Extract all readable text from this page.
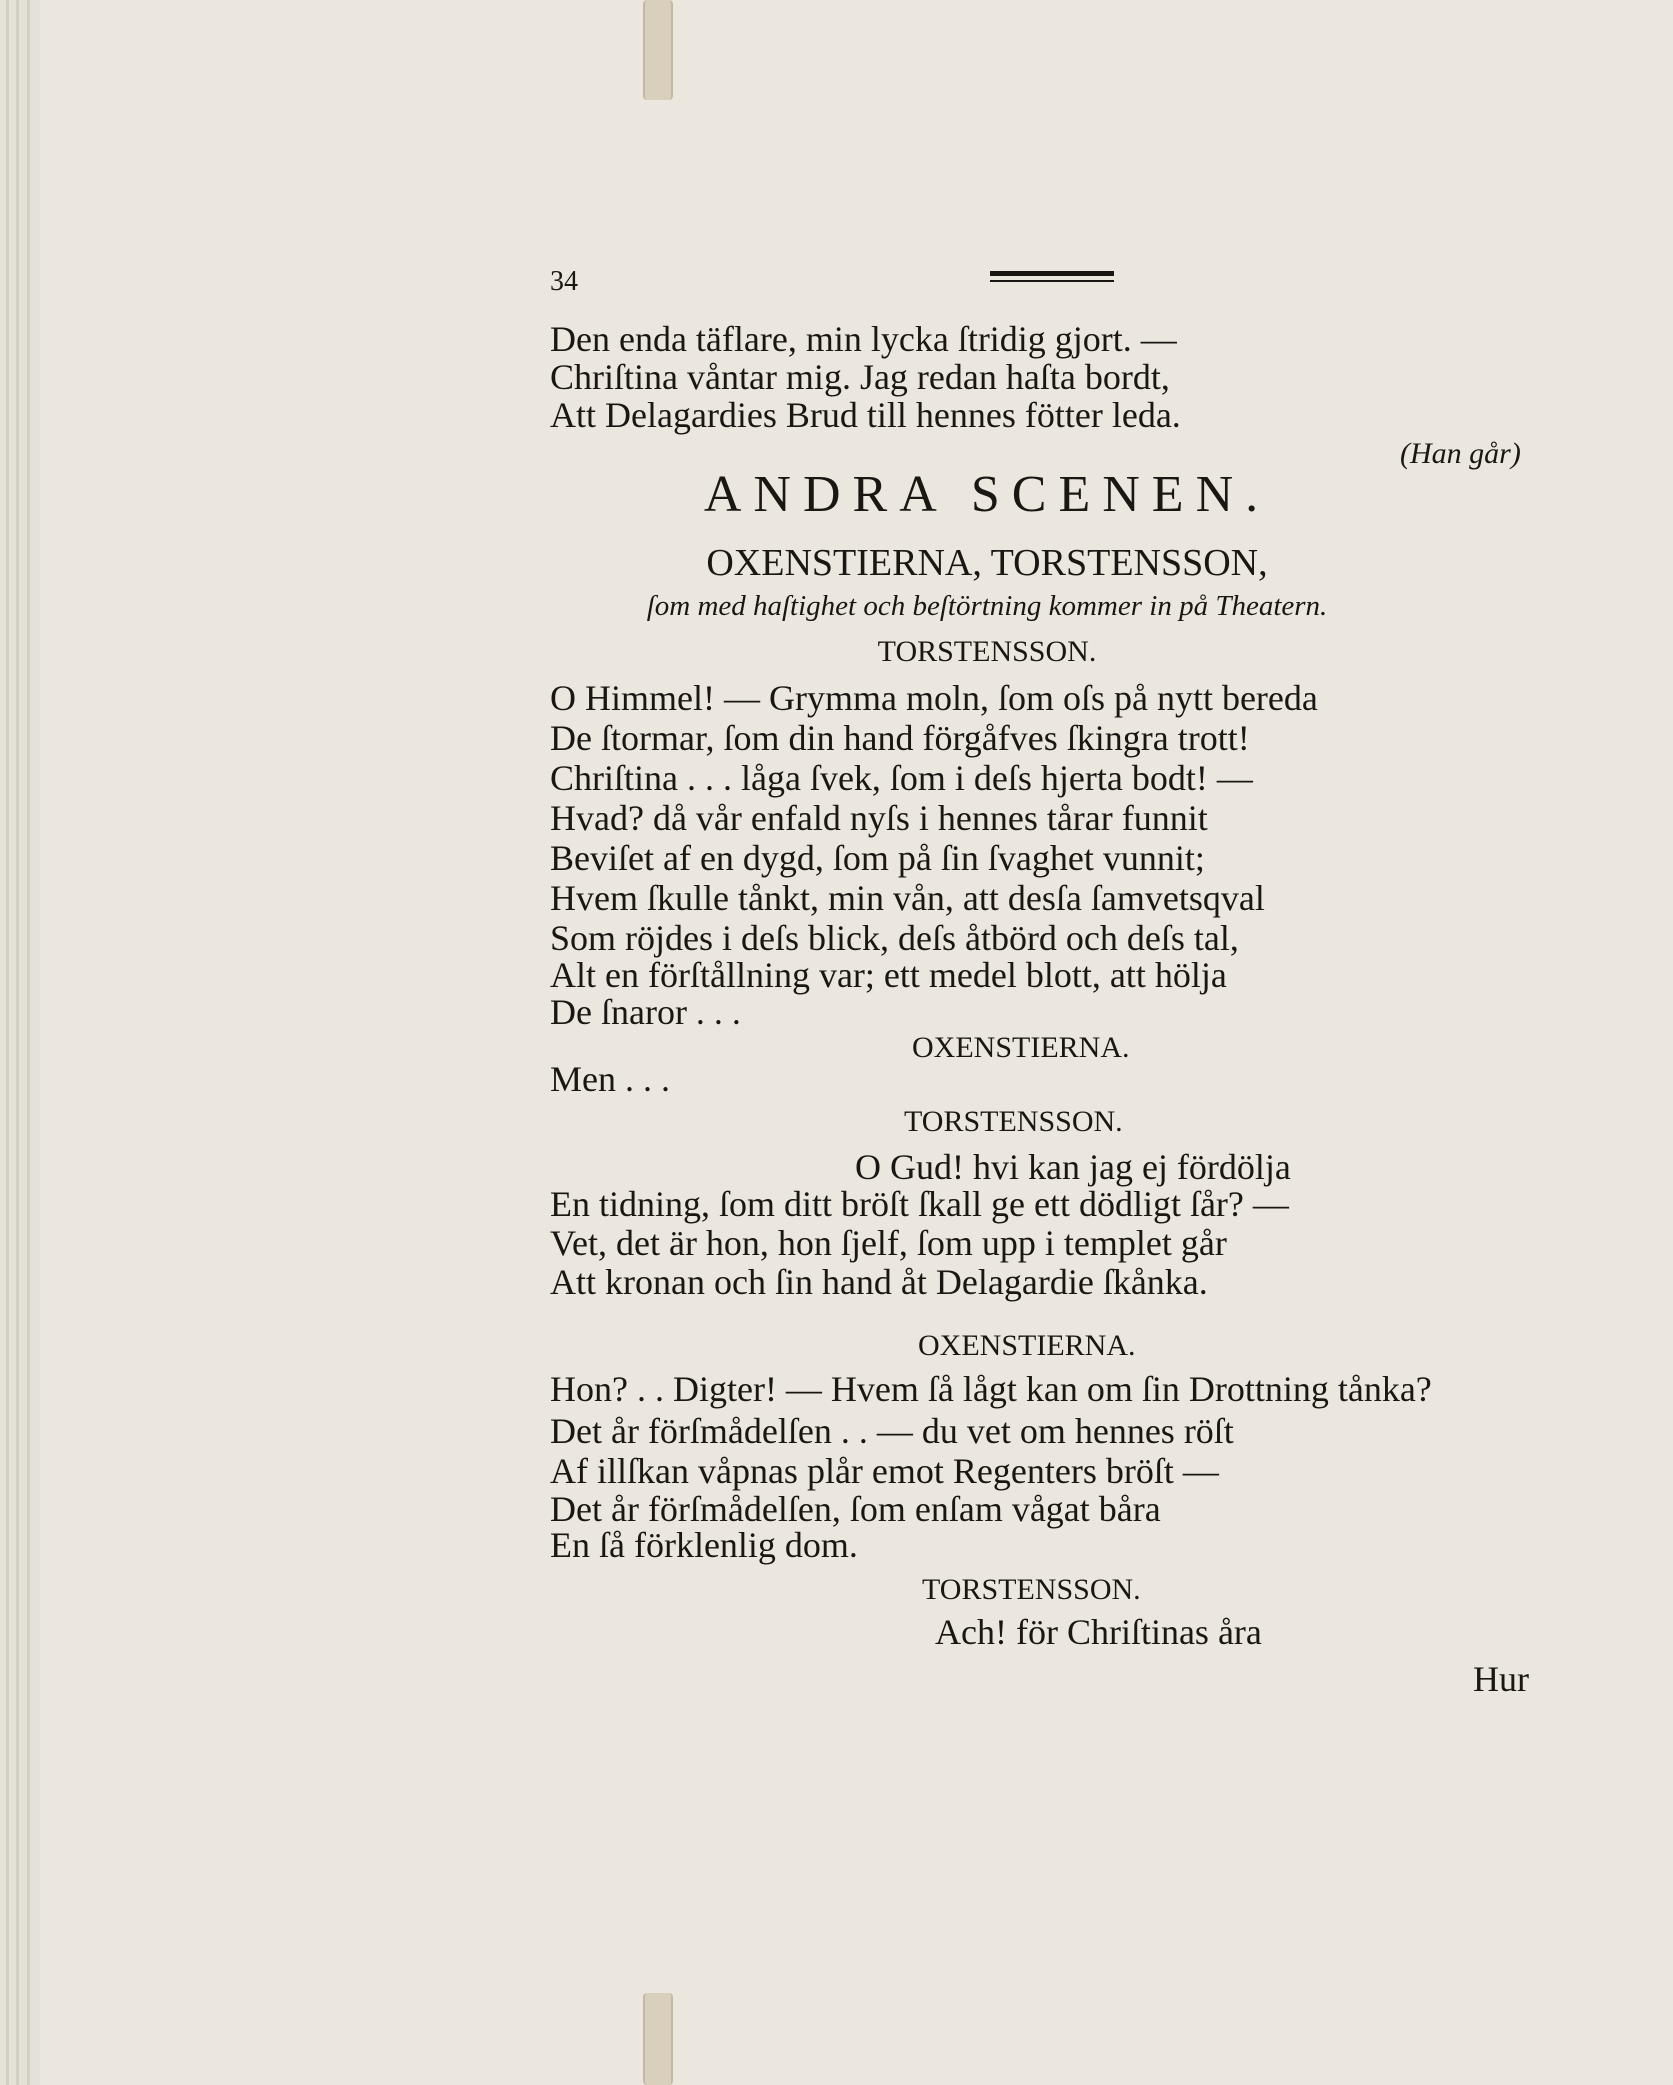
34
Den enda täflare, min lycka ſtridig gjort. —
Chriſtina våntar mig. Jag redan haſta bordt,
Att Delagardies Brud till hennes fötter leda.
(Han går)
ANDRA SCENEN.
OXENSTIERNA, TORSTENSSON,
ſom med haſtighet och beſtörtning kommer in på Theatern.
TORSTENSSON.
O Himmel! — Grymma moln, ſom oſs på nytt bereda
De ſtormar, ſom din hand förgåfves ſkingra trott!
Chriſtina . . . låga ſvek, ſom i deſs hjerta bodt! —
Hvad? då vår enfald nyſs i hennes tårar funnit
Beviſet af en dygd, ſom på ſin ſvaghet vunnit;
Hvem ſkulle tånkt, min vån, att desſa ſamvetsqval
Som röjdes i deſs blick, deſs åtbörd och deſs tal,
Alt en förſtållning var; ett medel blott, att hölja
De ſnaror . . .
OXENSTIERNA.
Men . . .
TORSTENSSON.
O Gud! hvi kan jag ej fördölja
En tidning, ſom ditt bröſt ſkall ge ett dödligt ſår? —
Vet, det är hon, hon ſjelf, ſom upp i templet går
Att kronan och ſin hand åt Delagardie ſkånka.
OXENSTIERNA.
Hon? . . Digter! — Hvem ſå lågt kan om ſin Drottning tånka?
Det år förſmådelſen . . — du vet om hennes röſt
Af illſkan våpnas plår emot Regenters bröſt —
Det år förſmådelſen, ſom enſam vågat båra
En ſå förklenlig dom.
TORSTENSSON.
Ach! för Chriſtinas åra
Hur
